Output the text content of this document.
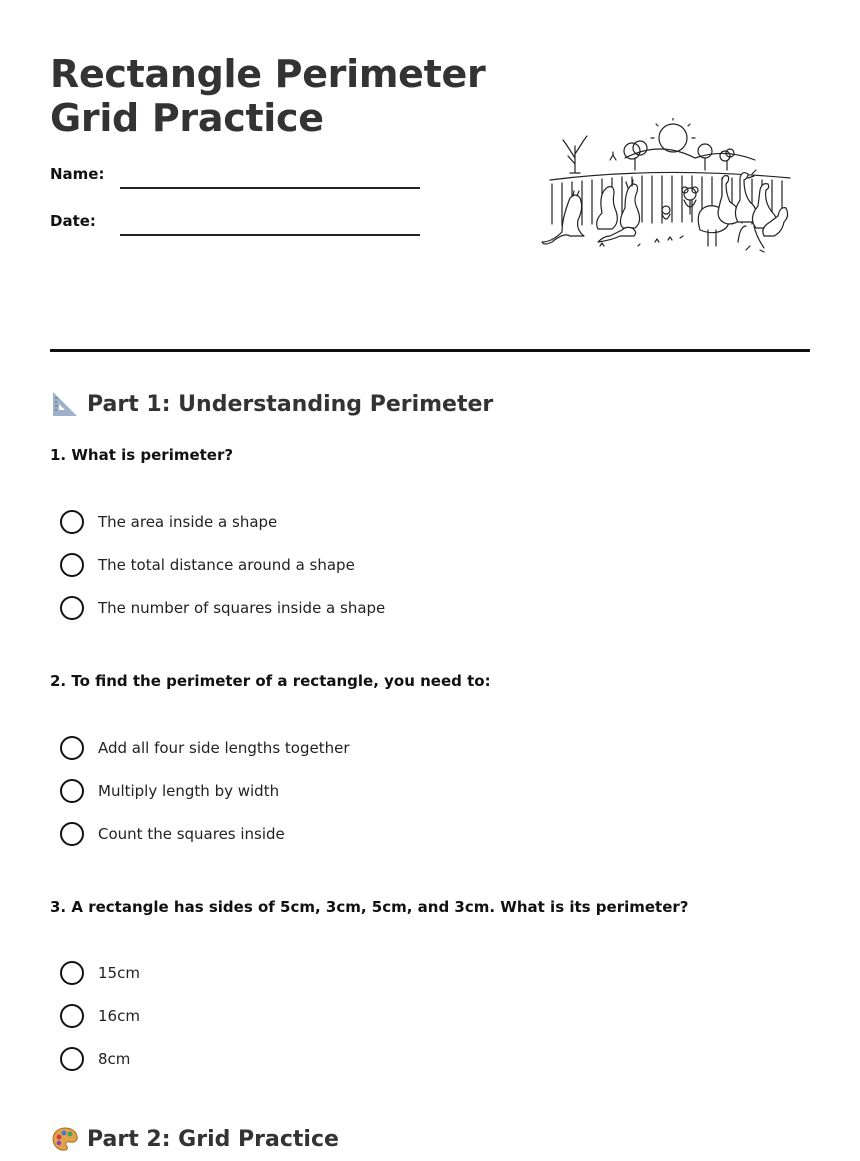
Rectangle Perimeter
Grid Practice
Name:
Date:
Part 1: Understanding Perimeter

1. What is perimeter?

The area inside a shape
The total distance around a shape
The number of squares inside a shape

2. To find the perimeter of a rectangle, you need to:

Add all four side lengths together
Multiply length by width
Count the squares inside

3. A rectangle has sides of 5cm, 3cm, 5cm, and 3cm. What is its perimeter?

15cm
16cm
8cm
Part 2: Grid Practice
